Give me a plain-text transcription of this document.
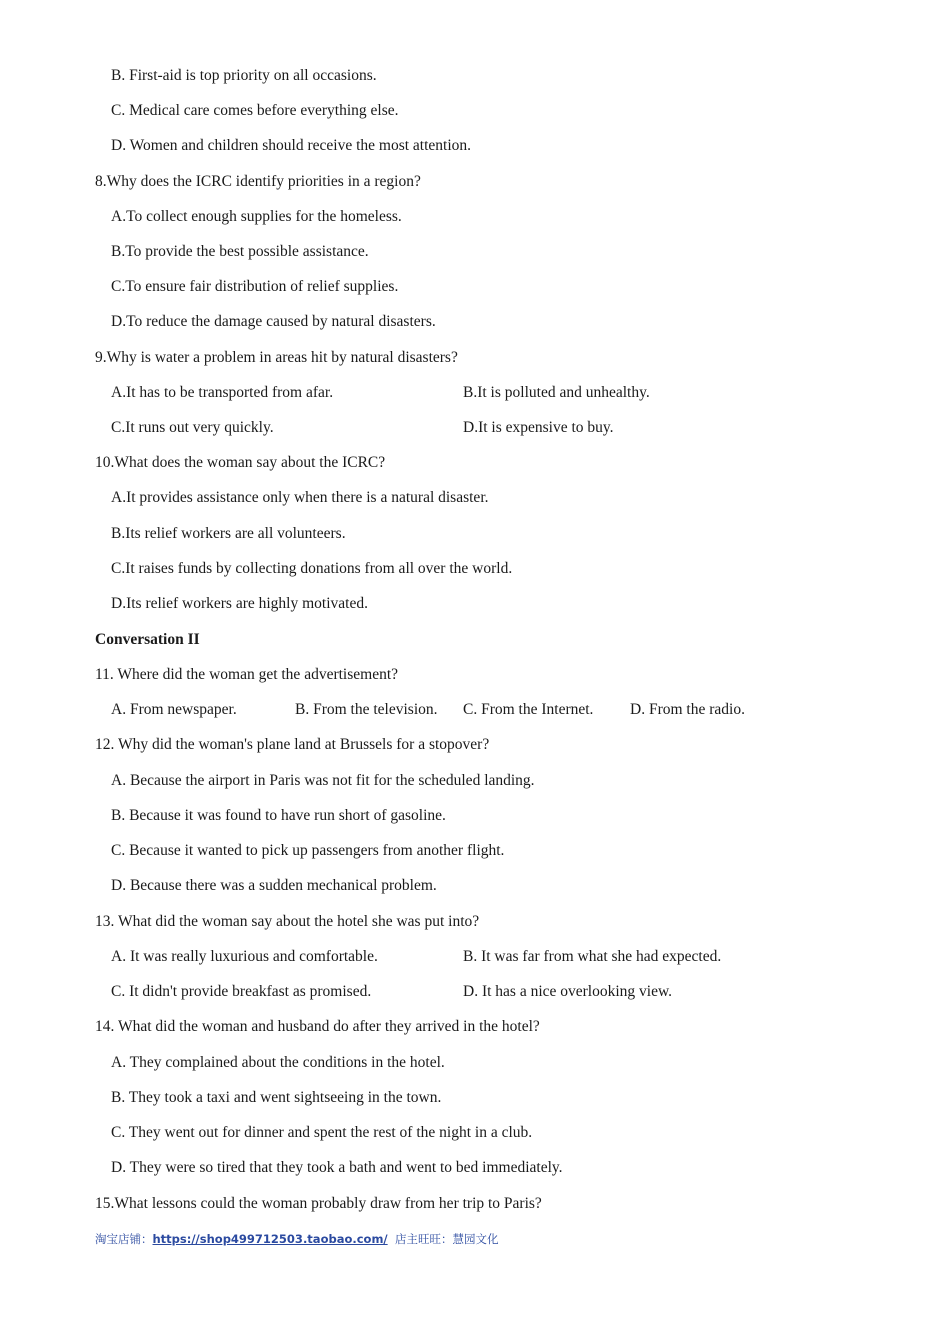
B. First-aid is top priority on all occasions.
C. Medical care comes before everything else.
D. Women and children should receive the most attention.
8.Why does the ICRC identify priorities in a region?
A.To collect enough supplies for the homeless.
B.To provide the best possible assistance.
C.To ensure fair distribution of relief supplies.
D.To reduce the damage caused by natural disasters.
9.Why is water a problem in areas hit by natural disasters?
A.It has to be transported from afar.	B.It is polluted and unhealthy.
C.It runs out very quickly.	D.It is expensive to buy.
10.What does the woman say about the ICRC?
A.It provides assistance only when there is a natural disaster.
B.Its relief workers are all volunteers.
C.It raises funds by collecting donations from all over the world.
D.Its relief workers are highly motivated.
Conversation II
11. Where did the woman get the advertisement?
A. From newspaper.	B. From the television. C. From the Internet. D. From the radio.
12. Why did the woman's plane land at Brussels for a stopover?
A. Because the airport in Paris was not fit for the scheduled landing.
B. Because it was found to have run short of gasoline.
C. Because it wanted to pick up passengers from another flight.
D. Because there was a sudden mechanical problem.
13. What did the woman say about the hotel she was put into?
A. It was really luxurious and comfortable.	B. It was far from what she had expected.
C. It didn't provide breakfast as promised.	D. It has a nice overlooking view.
14. What did the woman and husband do after they arrived in the hotel?
A. They complained about the conditions in the hotel.
B. They took a taxi and went sightseeing in the town.
C. They went out for dinner and spent the rest of the night in a club.
D. They were so tired that they took a bath and went to bed immediately.
15.What lessons could the woman probably draw from her trip to Paris?
淘宝店铺：https://shop499712503.taobao.com/ 店主旺旺：慧园文化
